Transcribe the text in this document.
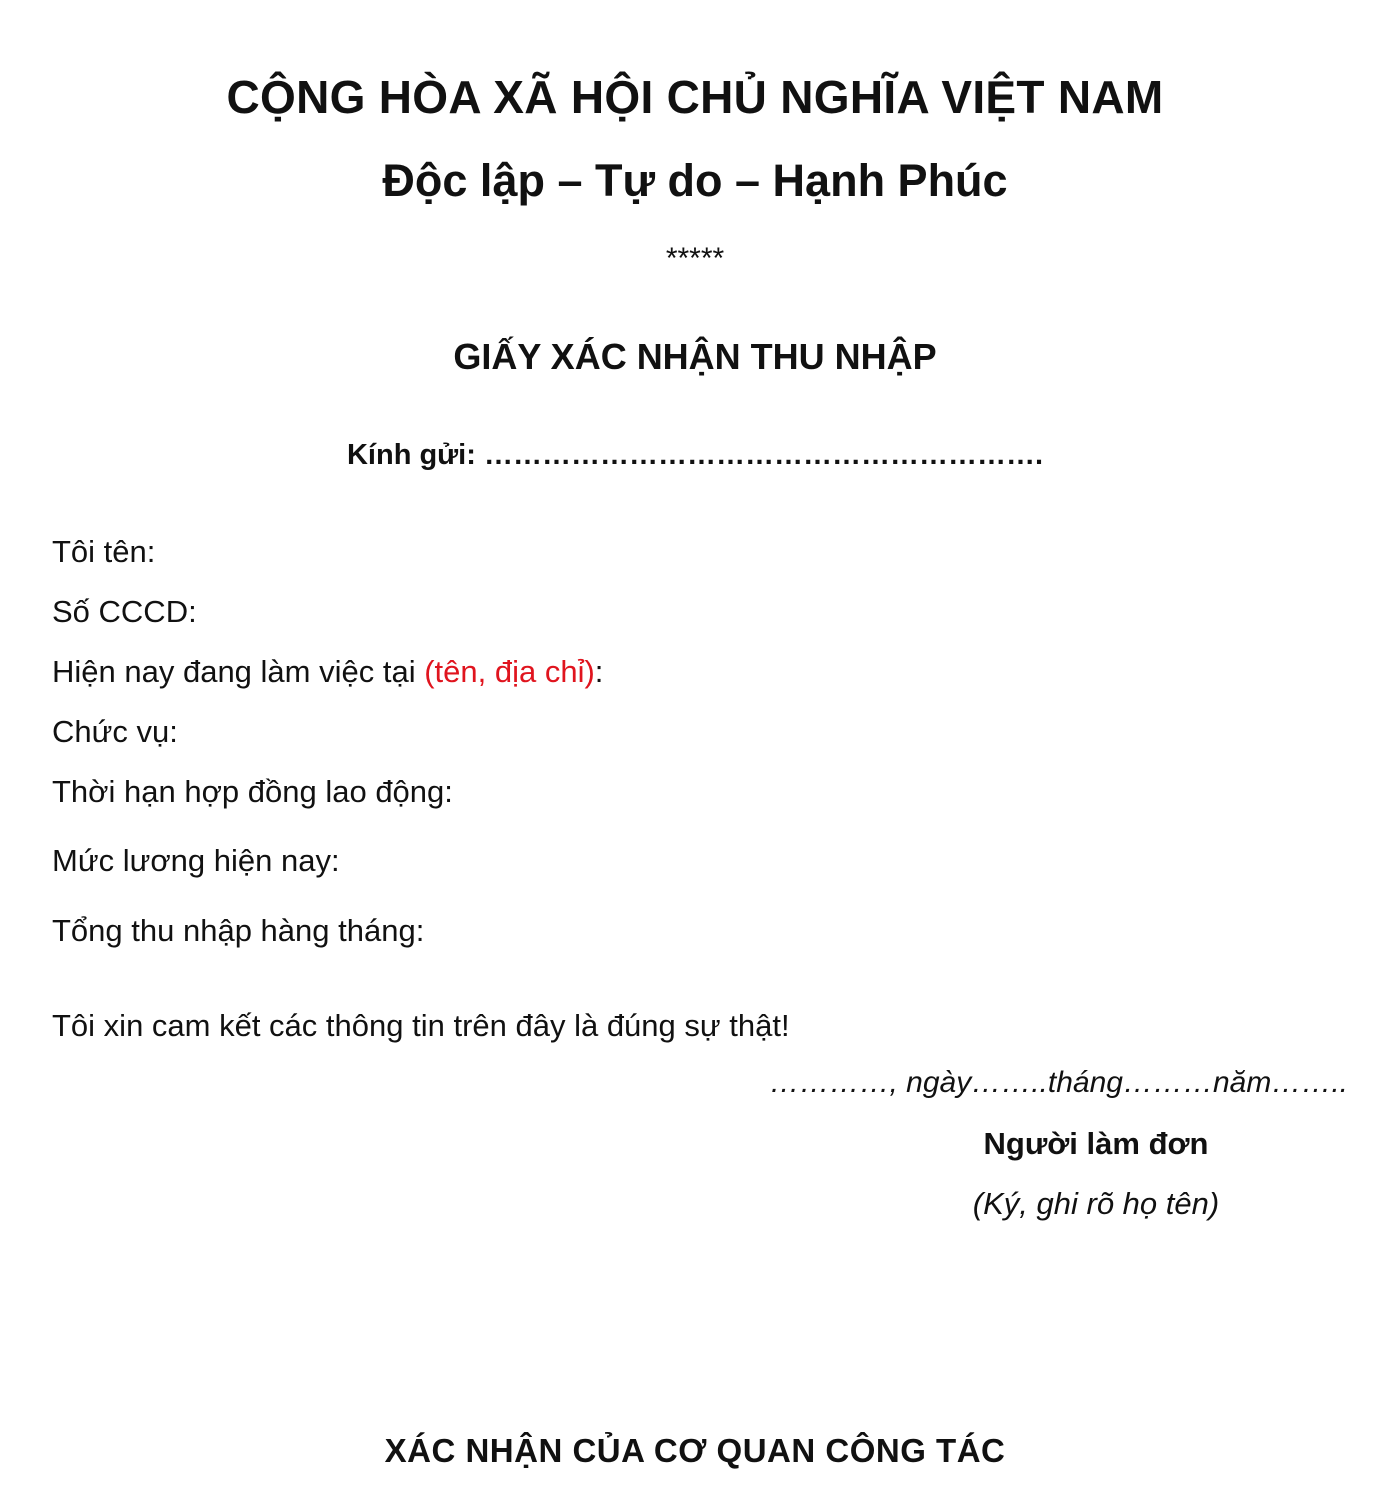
CỘNG HÒA XÃ HỘI CHỦ NGHĨA VIỆT NAM
Độc lập – Tự do – Hạnh Phúc
*****
GIẤY XÁC NHẬN THU NHẬP
Kính gửi: ………………………………………………….
Tôi tên:
Số CCCD:
Hiện nay đang làm việc tại (tên, địa chỉ):
Chức vụ:
Thời hạn hợp đồng lao động:
Mức lương hiện nay:
Tổng thu nhập hàng tháng:
Tôi xin cam kết các thông tin trên đây là đúng sự thật!
…………, ngày……..tháng………năm……..
Người làm đơn
(Ký, ghi rõ họ tên)
XÁC NHẬN CỦA CƠ QUAN CÔNG TÁC
